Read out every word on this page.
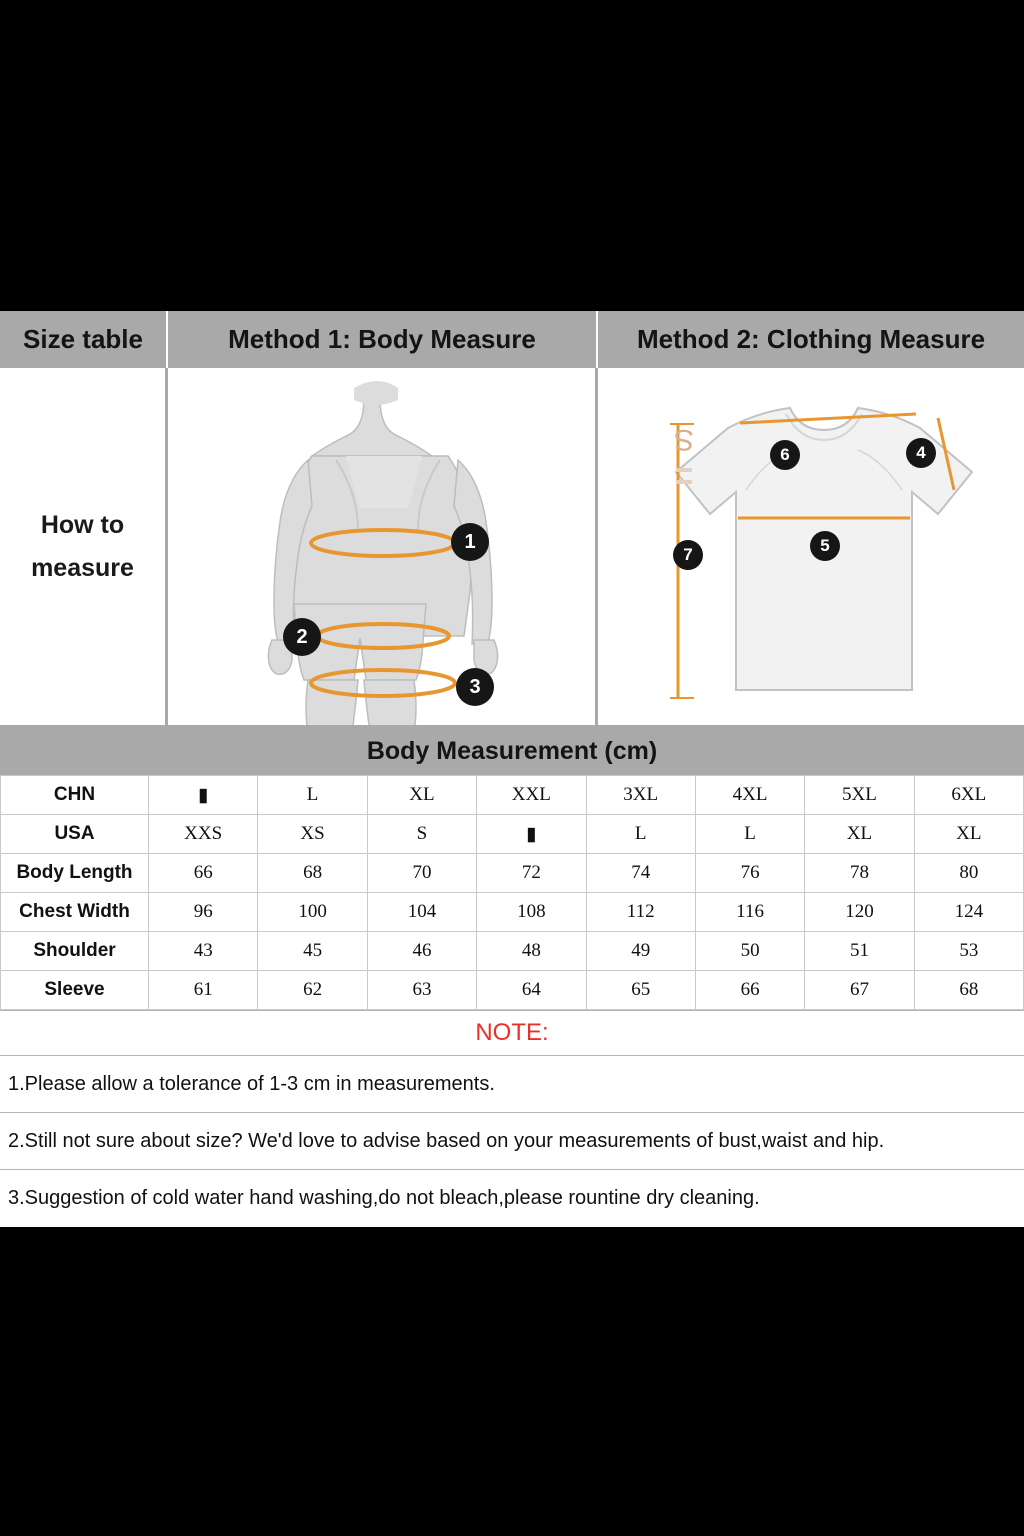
Size table	Method 1: Body Measure	Method 2: Clothing Measure
How to
measure
1
2
3
S	4
5
6
7
Body Measurement (cm)
CHN	▮	L	XL	XXL	3XL	4XL	5XL	6XL
USA	XXS	XS	S	▮	L	L	XL	XL
Body Length	66	68	70	72	74	76	78	80
Chest Width	96	100	104	108	112	116	120	124
Shoulder	43	45	46	48	49	50	51	53
Sleeve	61	62	63	64	65	66	67	68
NOTE:
1.Please allow a tolerance of 1-3 cm in measurements.
2.Still not sure about size? We'd love to advise based on your measurements of bust,waist and hip.
3.Suggestion of cold water hand washing,do not bleach,please rountine dry cleaning.
